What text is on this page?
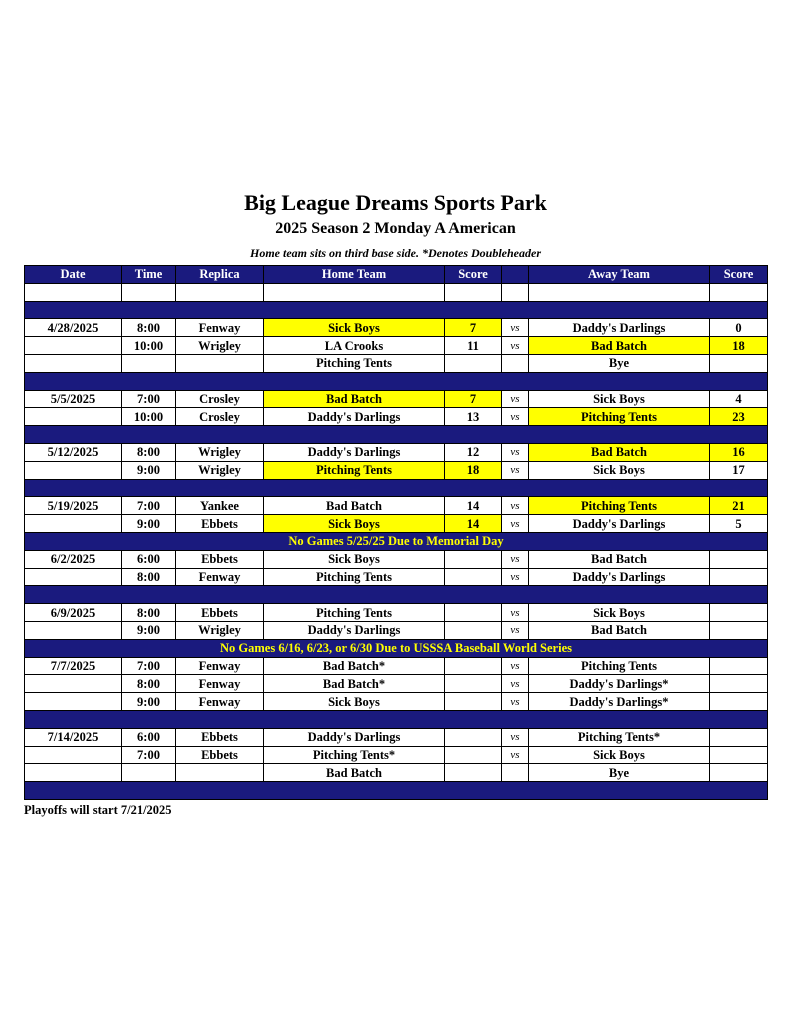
Big League Dreams Sports Park
2025 Season 2 Monday A American
Home team sits on third base side. *Denotes Doubleheader
Date	Time	Replica	Home Team	Score		Away Team	Score

4/28/2025	8:00	Fenway	Sick Boys	7	vs	Daddy's Darlings	0
	10:00	Wrigley	LA Crooks	11	vs	Bad Batch	18
			Pitching Tents			Bye	

5/5/2025	7:00	Crosley	Bad Batch	7	vs	Sick Boys	4
	10:00	Crosley	Daddy's Darlings	13	vs	Pitching Tents	23

5/12/2025	8:00	Wrigley	Daddy's Darlings	12	vs	Bad Batch	16
	9:00	Wrigley	Pitching Tents	18	vs	Sick Boys	17

5/19/2025	7:00	Yankee	Bad Batch	14	vs	Pitching Tents	21
	9:00	Ebbets	Sick Boys	14	vs	Daddy's Darlings	5
No Games 5/25/25 Due to Memorial Day							
6/2/2025	6:00	Ebbets	Sick Boys		vs	Bad Batch	
	8:00	Fenway	Pitching Tents		vs	Daddy's Darlings	

6/9/2025	8:00	Ebbets	Pitching Tents		vs	Sick Boys	
	9:00	Wrigley	Daddy's Darlings		vs	Bad Batch	
No Games 6/16, 6/23, or 6/30 Due to USSSA Baseball World Series							
7/7/2025	7:00	Fenway	Bad Batch*		vs	Pitching Tents	
	8:00	Fenway	Bad Batch*		vs	Daddy's Darlings*	
	9:00	Fenway	Sick Boys		vs	Daddy's Darlings*	

7/14/2025	6:00	Ebbets	Daddy's Darlings		vs	Pitching Tents*	
	7:00	Ebbets	Pitching Tents*		vs	Sick Boys	
			Bad Batch			Bye	

Playoffs will start 7/21/2025
